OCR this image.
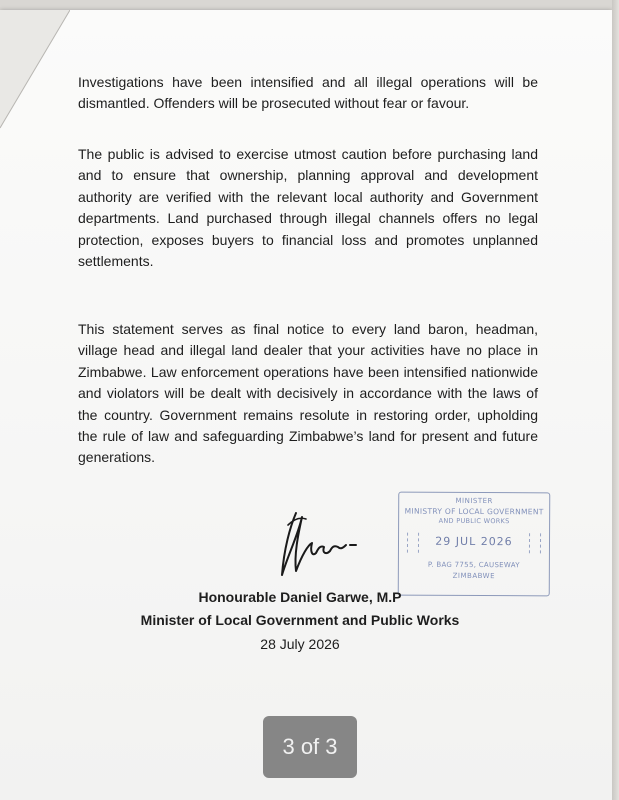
Investigations have been intensified and all illegal operations will be dismantled. Offenders will be prosecuted without fear or favour.
The public is advised to exercise utmost caution before purchasing land and to ensure that ownership, planning approval and development authority are verified with the relevant local authority and Government departments. Land purchased through illegal channels offers no legal protection, exposes buyers to financial loss and promotes unplanned settlements.
This statement serves as final notice to every land baron, headman, village head and illegal land dealer that your activities have no place in Zimbabwe. Law enforcement operations have been intensified nationwide and violators will be dealt with decisively in accordance with the laws of the country. Government remains resolute in restoring order, upholding the rule of law and safeguarding Zimbabwe’s land for present and future generations.
MINISTER
MINISTRY OF LOCAL GOVERNMENT
AND PUBLIC WORKS
29 JUL 2026
P. BAG 7755, CAUSEWAY
ZIMBABWE
Honourable Daniel Garwe, M.P
Minister of Local Government and Public Works
28 July 2026
3 of 3
